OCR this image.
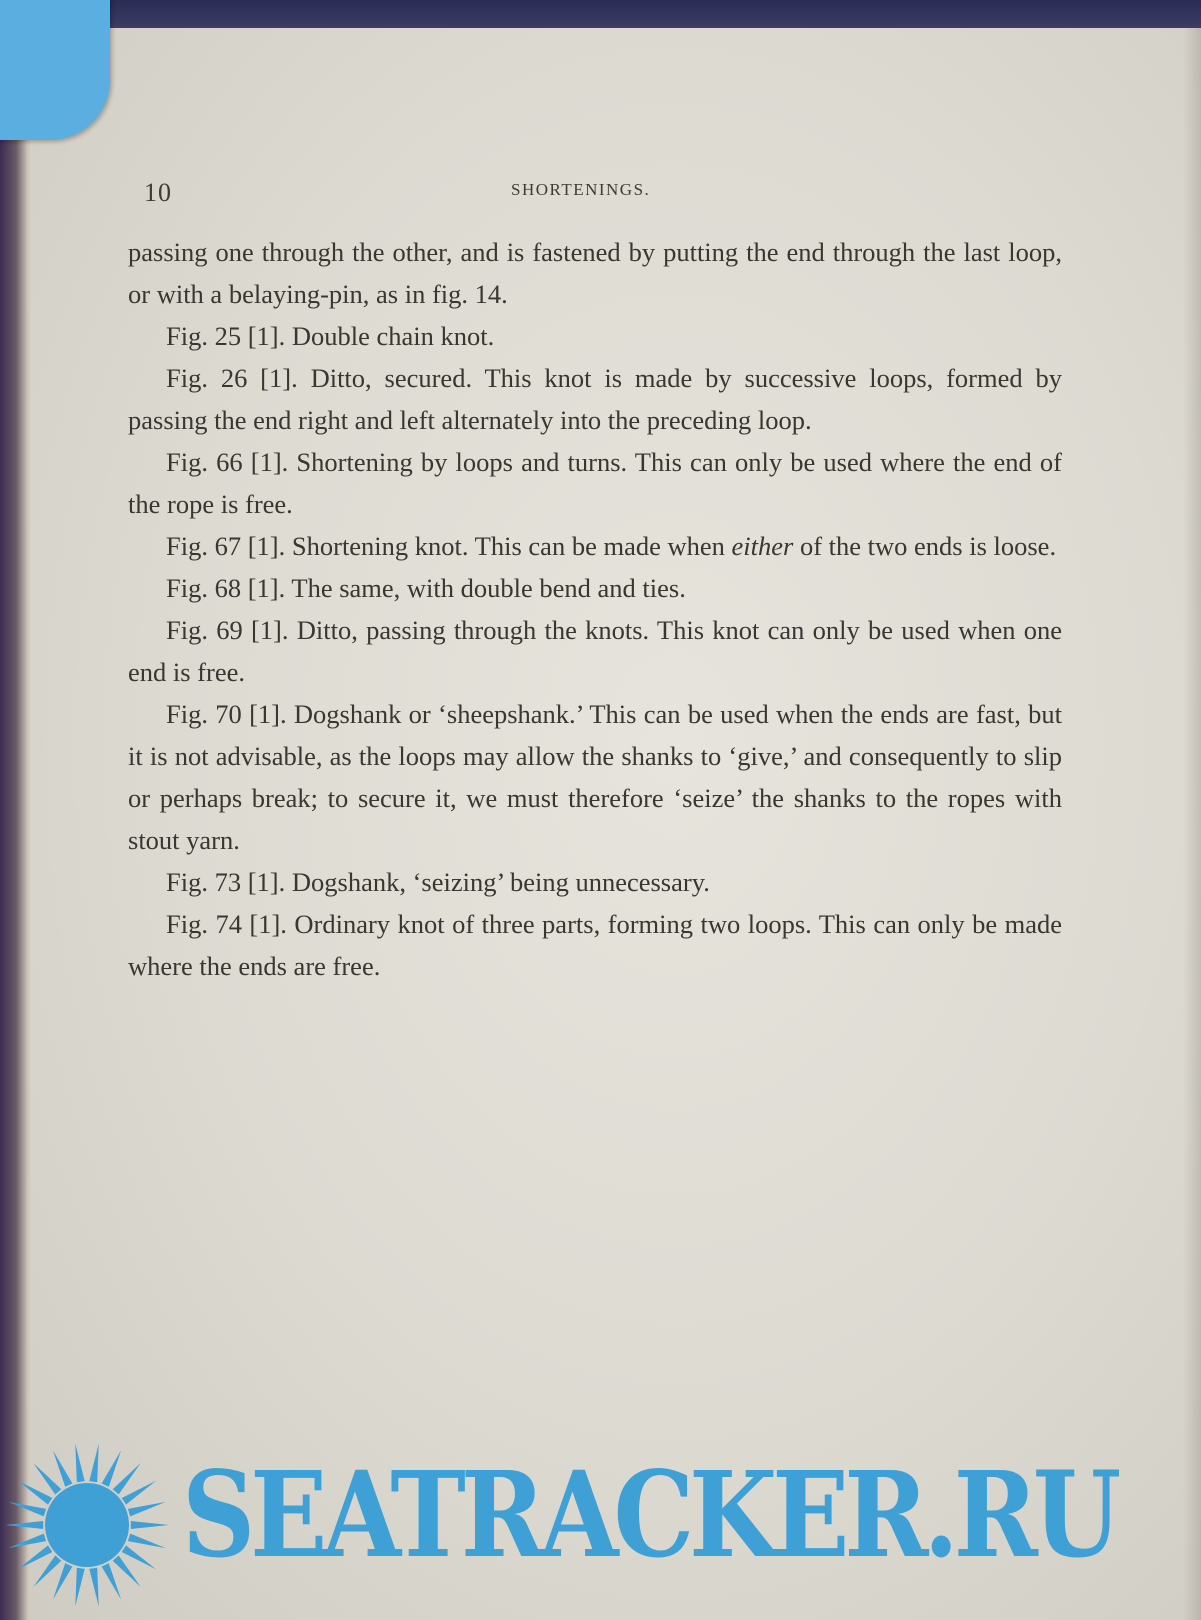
10	SHORTENINGS.

passing one through the other, and is fastened by putting the end through the last loop, or with a belaying-pin, as in fig. 14.

Fig. 25 [1]. Double chain knot.

Fig. 26 [1]. Ditto, secured. This knot is made by successive loops, formed by passing the end right and left alternately into the preceding loop.

Fig. 66 [1]. Shortening by loops and turns. This can only be used where the end of the rope is free.

Fig. 67 [1]. Shortening knot. This can be made when either of the two ends is loose.

Fig. 68 [1]. The same, with double bend and ties.

Fig. 69 [1]. Ditto, passing through the knots. This knot can only be used when one end is free.

Fig. 70 [1]. Dogshank or ‘sheepshank.’ This can be used when the ends are fast, but it is not advisable, as the loops may allow the shanks to ‘give,’ and consequently to slip or perhaps break; to secure it, we must therefore ‘seize’ the shanks to the ropes with stout yarn.

Fig. 73 [1]. Dogshank, ‘seizing’ being unnecessary.

Fig. 74 [1]. Ordinary knot of three parts, forming two loops. This can only be made where the ends are free.

SEATRACKER.RU
